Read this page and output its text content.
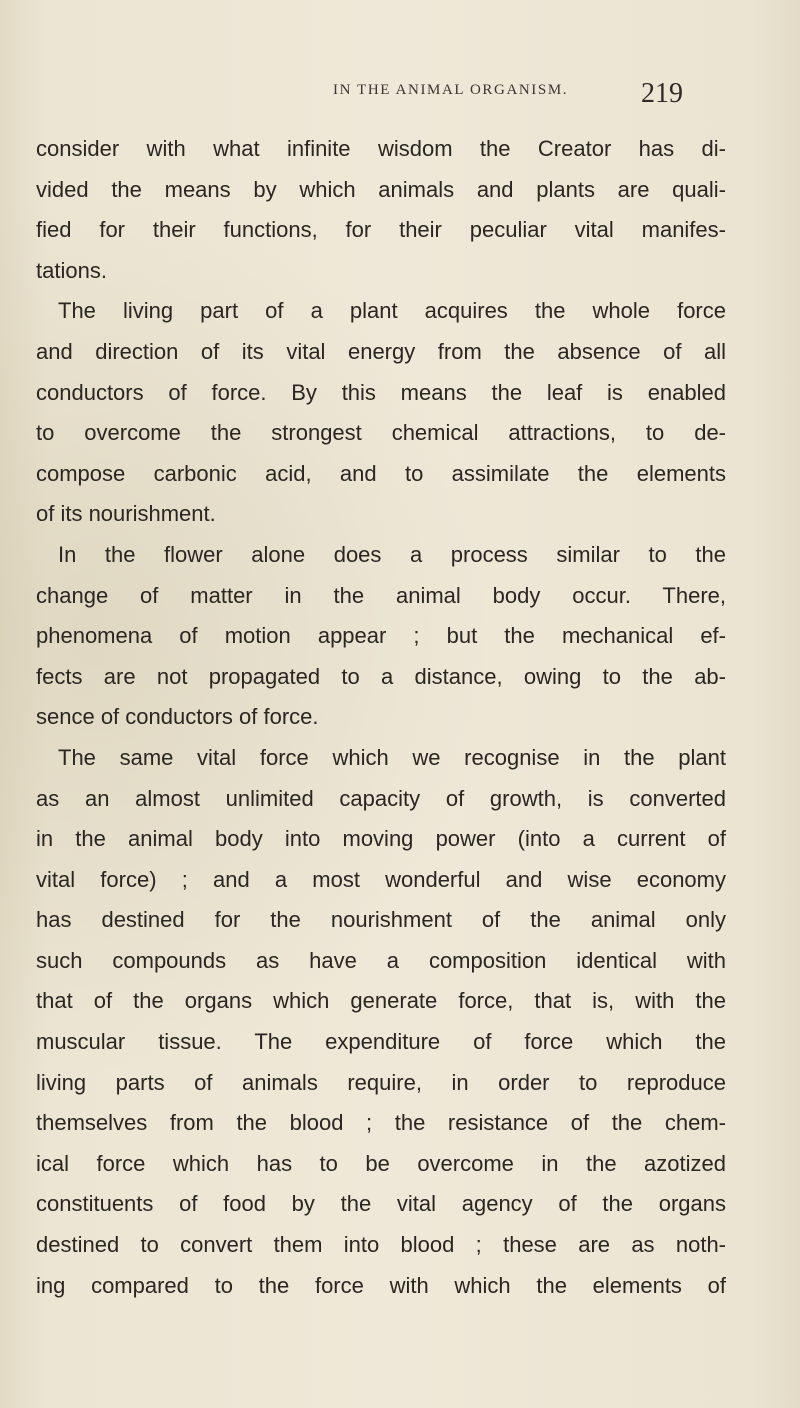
IN THE ANIMAL ORGANISM.	219
consider with what infinite wisdom the Creator has di-
vided the means by which animals and plants are quali-
fied for their functions, for their peculiar vital manifes-
tations.
The living part of a plant acquires the whole force
and direction of its vital energy from the absence of all
conductors of force. By this means the leaf is enabled
to overcome the strongest chemical attractions, to de-
compose carbonic acid, and to assimilate the elements
of its nourishment.
In the flower alone does a process similar to the
change of matter in the animal body occur. There,
phenomena of motion appear ; but the mechanical ef-
fects are not propagated to a distance, owing to the ab-
sence of conductors of force.
The same vital force which we recognise in the plant
as an almost unlimited capacity of growth, is converted
in the animal body into moving power (into a current of
vital force) ; and a most wonderful and wise economy
has destined for the nourishment of the animal only
such compounds as have a composition identical with
that of the organs which generate force, that is, with the
muscular tissue. The expenditure of force which the
living parts of animals require, in order to reproduce
themselves from the blood ; the resistance of the chem-
ical force which has to be overcome in the azotized
constituents of food by the vital agency of the organs
destined to convert them into blood ; these are as noth-
ing compared to the force with which the elements of
